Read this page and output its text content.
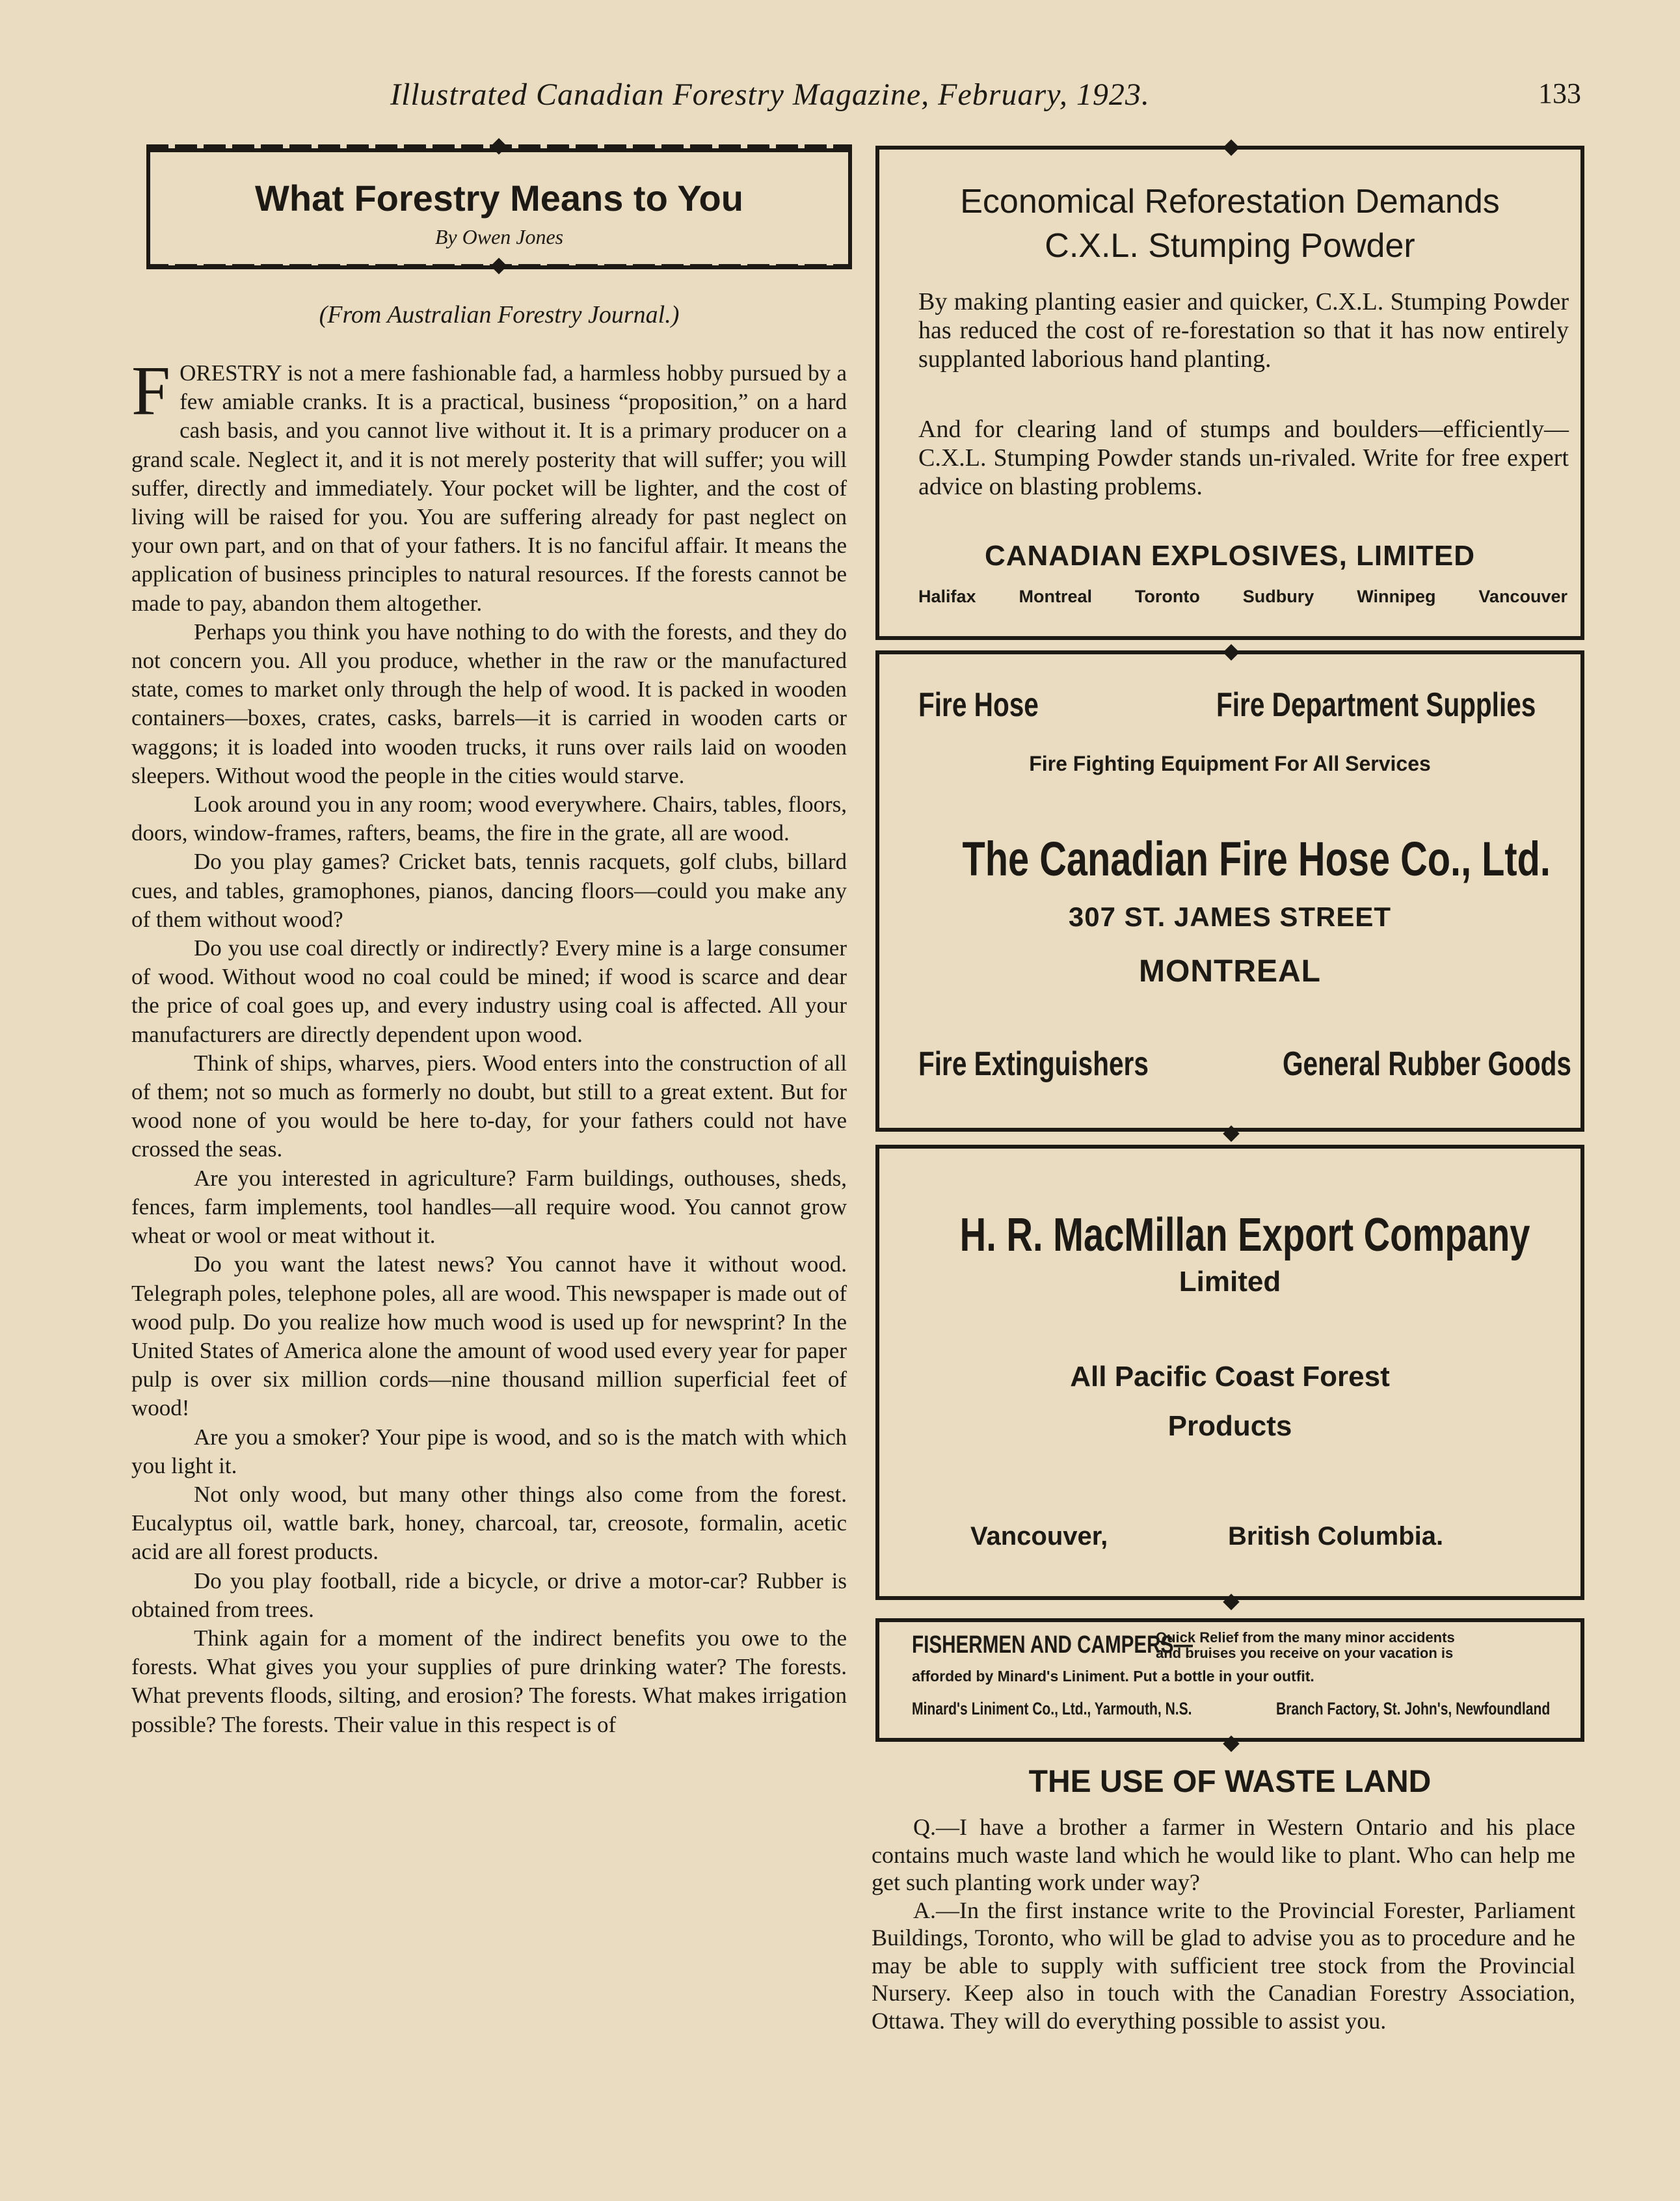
Illustrated Canadian Forestry Magazine, February, 1923.	133
What Forestry Means to You
By Owen Jones
(From Australian Forestry Journal.)

FORESTRY is not a mere fashionable fad, a harmless hobby pursued by a few amiable cranks. It is a practical, business “proposition,” on a hard cash basis, and you cannot live without it. It is a primary producer on a grand scale. Neglect it, and it is not merely posterity that will suffer; you will suffer, directly and immediately. Your pocket will be lighter, and the cost of living will be raised for you. You are suffering already for past neglect on your own part, and on that of your fathers. It is no fanciful affair. It means the application of business principles to natural resources. If the forests cannot be made to pay, abandon them altogether.

Perhaps you think you have nothing to do with the forests, and they do not concern you. All you produce, whether in the raw or the manufactured state, comes to market only through the help of wood. It is packed in wooden containers—boxes, crates, casks, barrels—it is carried in wooden carts or waggons; it is loaded into wooden trucks, it runs over rails laid on wooden sleepers. Without wood the people in the cities would starve.

Look around you in any room; wood everywhere. Chairs, tables, floors, doors, window-frames, rafters, beams, the fire in the grate, all are wood.

Do you play games? Cricket bats, tennis racquets, golf clubs, billard cues, and tables, gramophones, pianos, dancing floors—could you make any of them without wood?

Do you use coal directly or indirectly? Every mine is a large consumer of wood. Without wood no coal could be mined; if wood is scarce and dear the price of coal goes up, and every industry using coal is affected. All your manufacturers are directly dependent upon wood.

Think of ships, wharves, piers. Wood enters into the construction of all of them; not so much as formerly no doubt, but still to a great extent. But for wood none of you would be here to-day, for your fathers could not have crossed the seas.

Are you interested in agriculture? Farm buildings, outhouses, sheds, fences, farm implements, tool handles—all require wood. You cannot grow wheat or wool or meat without it.

Do you want the latest news? You cannot have it without wood. Telegraph poles, telephone poles, all are wood. This newspaper is made out of wood pulp. Do you realize how much wood is used up for newsprint? In the United States of America alone the amount of wood used every year for paper pulp is over six million cords—nine thousand million superficial feet of wood!

Are you a smoker? Your pipe is wood, and so is the match with which you light it.

Not only wood, but many other things also come from the forest. Eucalyptus oil, wattle bark, honey, charcoal, tar, creosote, formalin, acetic acid are all forest products.

Do you play football, ride a bicycle, or drive a motor-car? Rubber is obtained from trees.

Think again for a moment of the indirect benefits you owe to the forests. What gives you your supplies of pure drinking water? The forests. What prevents floods, silting, and erosion? The forests. What makes irrigation possible? The forests. Their value in this respect is of

Economical Reforestation Demands
C.X.L. Stumping Powder
By making planting easier and quicker, C.X.L. Stumping Powder has reduced the cost of re-forestation so that it has now entirely supplanted laborious hand planting.
And for clearing land of stumps and boulders—efficiently—C.X.L. Stumping Powder stands un-rivaled. Write for free expert advice on blasting problems.
CANADIAN EXPLOSIVES, LIMITED
Halifax Montreal Toronto Sudbury Winnipeg Vancouver
Fire Hose	Fire Department Supplies
Fire Fighting Equipment For All Services
The Canadian Fire Hose Co., Ltd.
307 ST. JAMES STREET
MONTREAL
Fire Extinguishers	General Rubber Goods
H. R. MacMillan Export Company
Limited
All Pacific Coast Forest
Products
Vancouver,	British Columbia.
FISHERMEN AND CAMPERS—
Quick Relief from the many minor accidents
and bruises you receive on your vacation is
afforded by Minard's Liniment. Put a bottle in your outfit.
Minard's Liniment Co., Ltd., Yarmouth, N.S.	Branch Factory, St. John's, Newfoundland
THE USE OF WASTE LAND

Q.—I have a brother a farmer in Western Ontario and his place contains much waste land which he would like to plant. Who can help me get such planting work under way?

A.—In the first instance write to the Provincial Forester, Parliament Buildings, Toronto, who will be glad to advise you as to procedure and he may be able to supply with sufficient tree stock from the Provincial Nursery. Keep also in touch with the Canadian Forestry Association, Ottawa. They will do everything possible to assist you.
